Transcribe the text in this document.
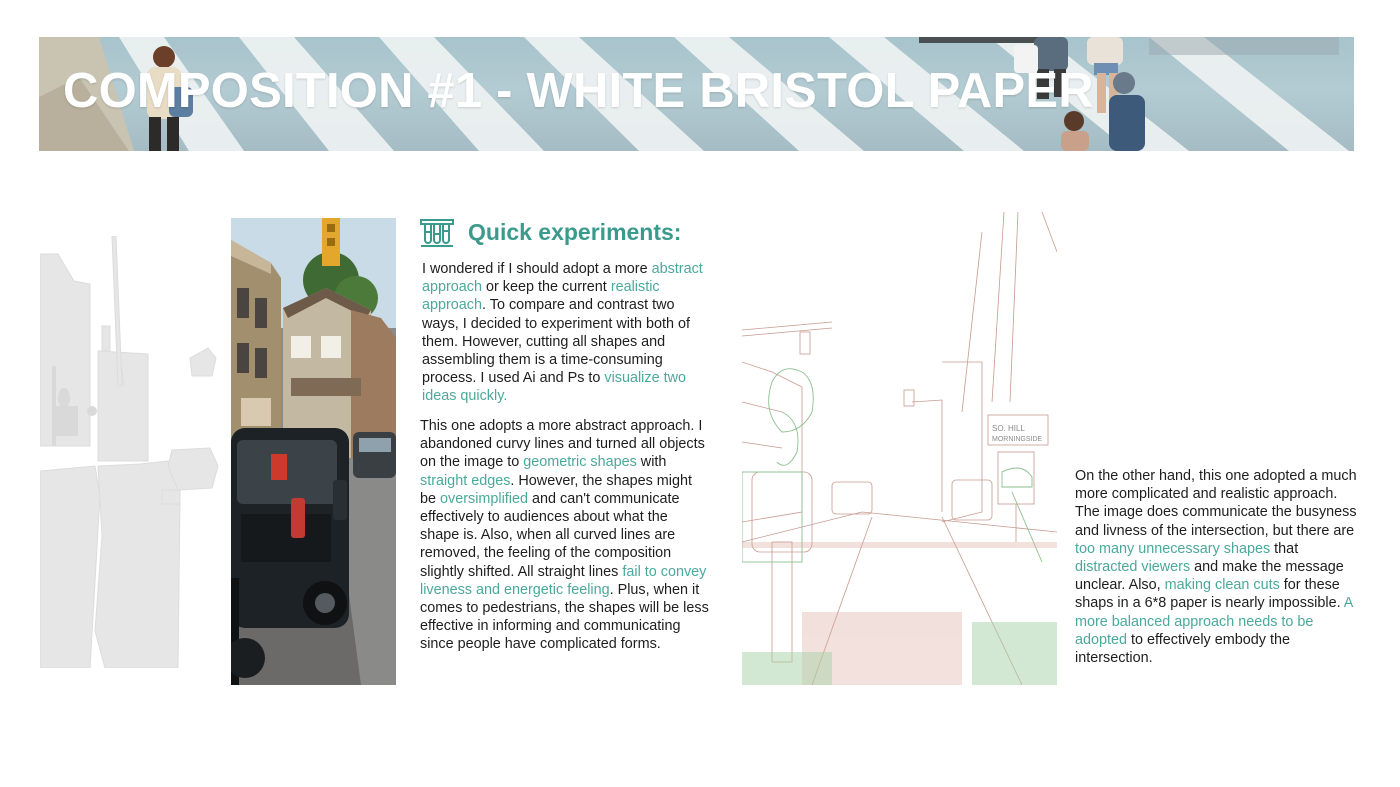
COMPOSITION #1 - WHITE BRISTOL PAPER
Quick experiments:

I wondered if I should adopt a more abstract approach or keep the current realistic approach. To compare and contrast two ways, I decided to experiment with both of them. However, cutting all shapes and assembling them is a time-consuming process. I used Ai and Ps to visualize two ideas quickly.

This one adopts a more abstract approach. I abandoned curvy lines and turned all objects on the image to geometric shapes with straight edges. However, the shapes might be oversimplified and can't communicate effectively to audiences about what the shape is. Also, when all curved lines are removed, the feeling of the composition slightly shifted. All straight lines fail to convey liveness and energetic feeling. Plus, when it comes to pedestrians, the shapes will be less effective in informing and communicating since people have complicated forms.

SO. HILL
MORNINGSIDE

On the other hand, this one adopted a much more complicated and realistic approach. The image does communicate the busyness and livness of the intersection, but there are too many unnecessary shapes that distracted viewers and make the message unclear. Also, making clean cuts for these shaps in a 6*8 paper is nearly impossible. A more balanced approach needs to be adopted to effectively embody the intersection.
